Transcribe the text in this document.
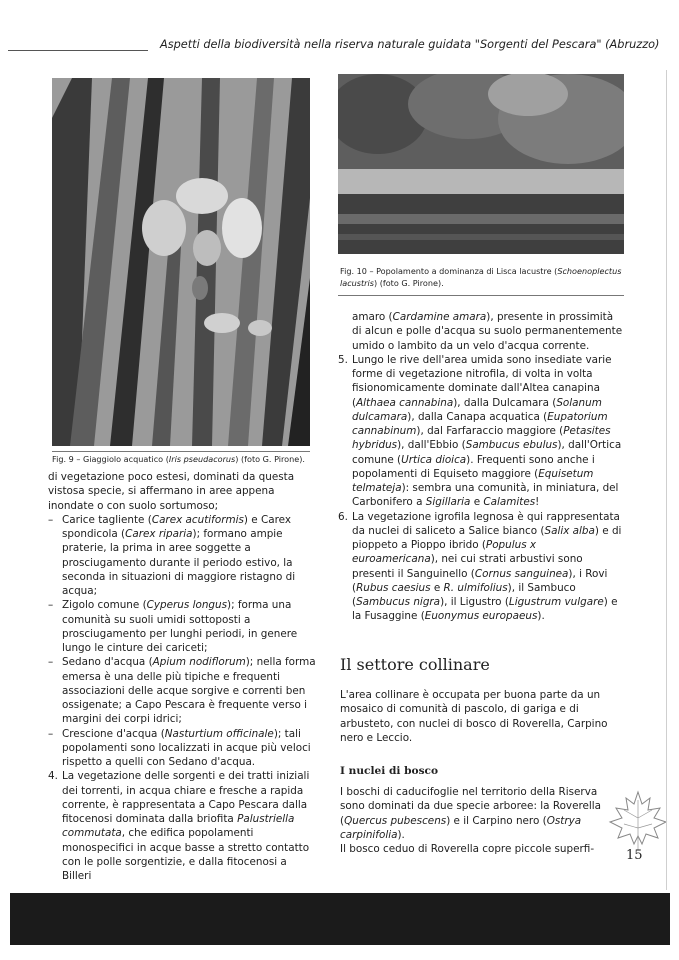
Aspetti della biodiversità nella riserva naturale guidata "Sorgenti del Pescara" (Abruzzo)
Fig. 9 – Giaggiolo acquatico (Iris pseudacorus) (foto G. Pirone).
Fig. 10 – Popolamento a dominanza di Lisca lacustre (Schoenoplectus lacustris) (foto G. Pirone).

di vegetazione poco estesi, dominati da questa vistosa specie, si affermano in aree appena inondate o con suolo sortumoso;

– Carice tagliente (Carex acutiformis) e Carex spondicola (Carex riparia); formano ampie praterie, la prima in aree soggette a prosciugamento durante il periodo estivo, la seconda in situazioni di maggiore ristagno di acqua;
– Zigolo comune (Cyperus longus); forma una comunità su suoli umidi sottoposti a prosciugamento per lunghi periodi, in genere lungo le cinture dei cariceti;
– Sedano d'acqua (Apium nodiflorum); nella forma emersa è una delle più tipiche e frequenti associazioni delle acque sorgive e correnti ben ossigenate; a Capo Pescara è frequente verso i margini dei corpi idrici;
– Crescione d'acqua (Nasturtium officinale); tali popolamenti sono localizzati in acque più veloci rispetto a quelli con Sedano d'acqua.
4. La vegetazione delle sorgenti e dei tratti iniziali dei torrenti, in acqua chiare e fresche a rapida corrente, è rappresentata a Capo Pescara dalla fitocenosi dominata dalla briofita Palustriella commutata, che edifica popolamenti monospecifici in acque basse a stretto contatto con le polle sorgentizie, e dalla fitocenosi a Billeri
amaro (Cardamine amara), presente in prossimità di alcun e polle d'acqua su suolo permanentemente umido o lambito da un velo d'acqua corrente.
5. Lungo le rive dell'area umida sono insediate varie forme di vegetazione nitrofila, di volta in volta fisionomicamente dominate dall'Altea canapina (Althaea cannabina), dalla Dulcamara (Solanum dulcamara), dalla Canapa acquatica (Eupatorium cannabinum), dal Farfaraccio maggiore (Petasites hybridus), dall'Ebbio (Sambucus ebulus), dall'Ortica comune (Urtica dioica). Frequenti sono anche i popolamenti di Equiseto maggiore (Equisetum telmateja): sembra una comunità, in miniatura, del Carbonifero a Sigillaria e Calamites!
6. La vegetazione igrofila legnosa è qui rappresentata da nuclei di saliceto a Salice bianco (Salix alba) e di pioppeto a Pioppo ibrido (Populus x euroamericana), nei cui strati arbustivi sono presenti il Sanguinello (Cornus sanguinea), i Rovi (Rubus caesius e R. ulmifolius), il Sambuco (Sambucus nigra), il Ligustro (Ligustrum vulgare) e la Fusaggine (Euonymus europaeus).
Il settore collinare

L'area collinare è occupata per buona parte da un mosaico di comunità di pascolo, di gariga e di arbusteto, con nuclei di bosco di Roverella, Carpino nero e Leccio.

I nuclei di bosco

I boschi di caducifoglie nel territorio della Riserva sono dominati da due specie arboree: la Roverella (Quercus pubescens) e il Carpino nero (Ostrya carpinifolia).

Il bosco ceduo di Roverella copre piccole superfi-	15
